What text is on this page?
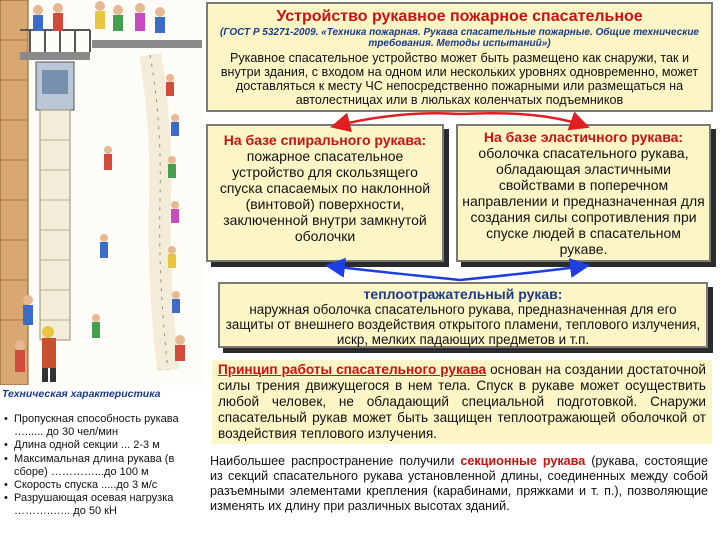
Устройство рукавное пожарное спасательное
(ГОСТ Р 53271-2009. «Техника пожарная. Рукава спасательные пожарные. Общие технические требования. Методы испытаний»)
Рукавное спасательное устройство может быть размещено как снаружи, так и внутри здания, с входом на одном или нескольких уровнях одновременно, может доставляться к месту ЧС непосредственно пожарными или размещаться на автолестницах или в люльках коленчатых подъемников
На базе спирального рукава:
пожарное спасательное устройство для скользящего спуска спасаемых по наклонной (винтовой) поверхности, заключенной внутри замкнутой оболочки
На базе эластичного рукава:
оболочка спасательного рукава, обладающая эластичными свойствами в поперечном направлении и предназначенная для создания силы сопротивления при спуске людей в спасательном рукаве.
теплоотражательный рукав:
наружная оболочка спасательного рукава, предназначенная для его защиты от внешнего воздействия открытого пламени, теплового излучения, искр, мелких падающих предметов и т.п.
Принцип работы спасательного рукава основан на создании достаточной силы трения движущегося в нем тела. Спуск в рукаве может осуществить любой человек, не обладающий специальной подготовкой. Снаружи спасательный рукав может быть защищен теплоотражающей оболочкой от воздействия теплового излучения.
Наибольшее распространение получили секционные рукава (рукава, состоящие из секций спасательного рукава установленной длины, соединенных между собой разъемными элементами крепления (карабинами, пряжками и т. п.), позволяющие изменять их длину при различных высотах зданий.
Техническая характеристика
• Пропускная способность рукава …...... до 30 чел/мин
• Длина одной секции ... 2-3 м
• Максимальная длина рукава (в сборе) …………...до 100 м
• Скорость спуска .....до 3 м/с
• Разрушающая осевая нагрузка ………..….. до 50 кН
